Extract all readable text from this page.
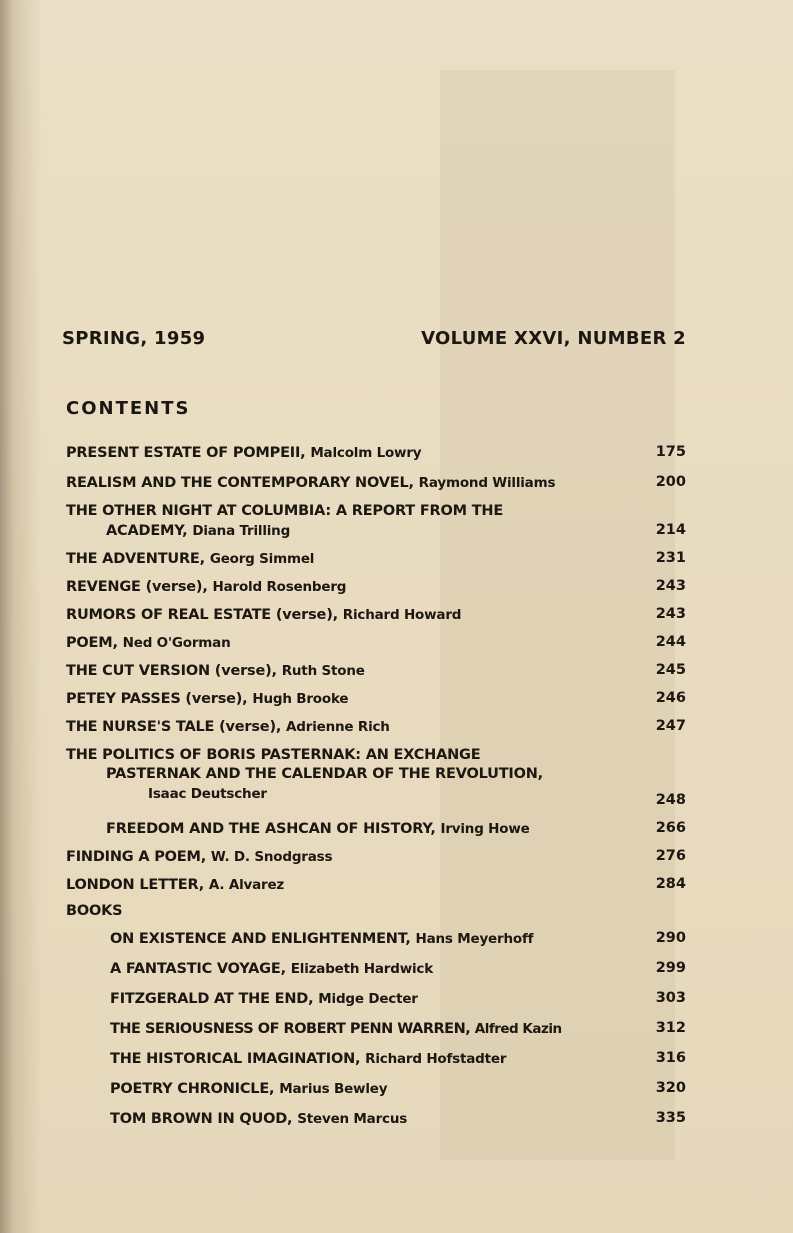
SPRING, 1959	VOLUME XXVI, NUMBER 2
CONTENTS
PRESENT ESTATE OF POMPEII, Malcolm Lowry	175
REALISM AND THE CONTEMPORARY NOVEL, Raymond Williams	200
THE OTHER NIGHT AT COLUMBIA: A REPORT FROM THE
ACADEMY, Diana Trilling	214
THE ADVENTURE, Georg Simmel	231
REVENGE (verse), Harold Rosenberg	243
RUMORS OF REAL ESTATE (verse), Richard Howard	243
POEM, Ned O'Gorman	244
THE CUT VERSION (verse), Ruth Stone	245
PETEY PASSES (verse), Hugh Brooke	246
THE NURSE'S TALE (verse), Adrienne Rich	247
THE POLITICS OF BORIS PASTERNAK: AN EXCHANGE
PASTERNAK AND THE CALENDAR OF THE REVOLUTION,
Isaac Deutscher	248
FREEDOM AND THE ASHCAN OF HISTORY, Irving Howe	266
FINDING A POEM, W. D. Snodgrass	276
LONDON LETTER, A. Alvarez	284
BOOKS
ON EXISTENCE AND ENLIGHTENMENT, Hans Meyerhoff	290
A FANTASTIC VOYAGE, Elizabeth Hardwick	299
FITZGERALD AT THE END, Midge Decter	303
THE SERIOUSNESS OF ROBERT PENN WARREN, Alfred Kazin	312
THE HISTORICAL IMAGINATION, Richard Hofstadter	316
POETRY CHRONICLE, Marius Bewley	320
TOM BROWN IN QUOD, Steven Marcus	335
